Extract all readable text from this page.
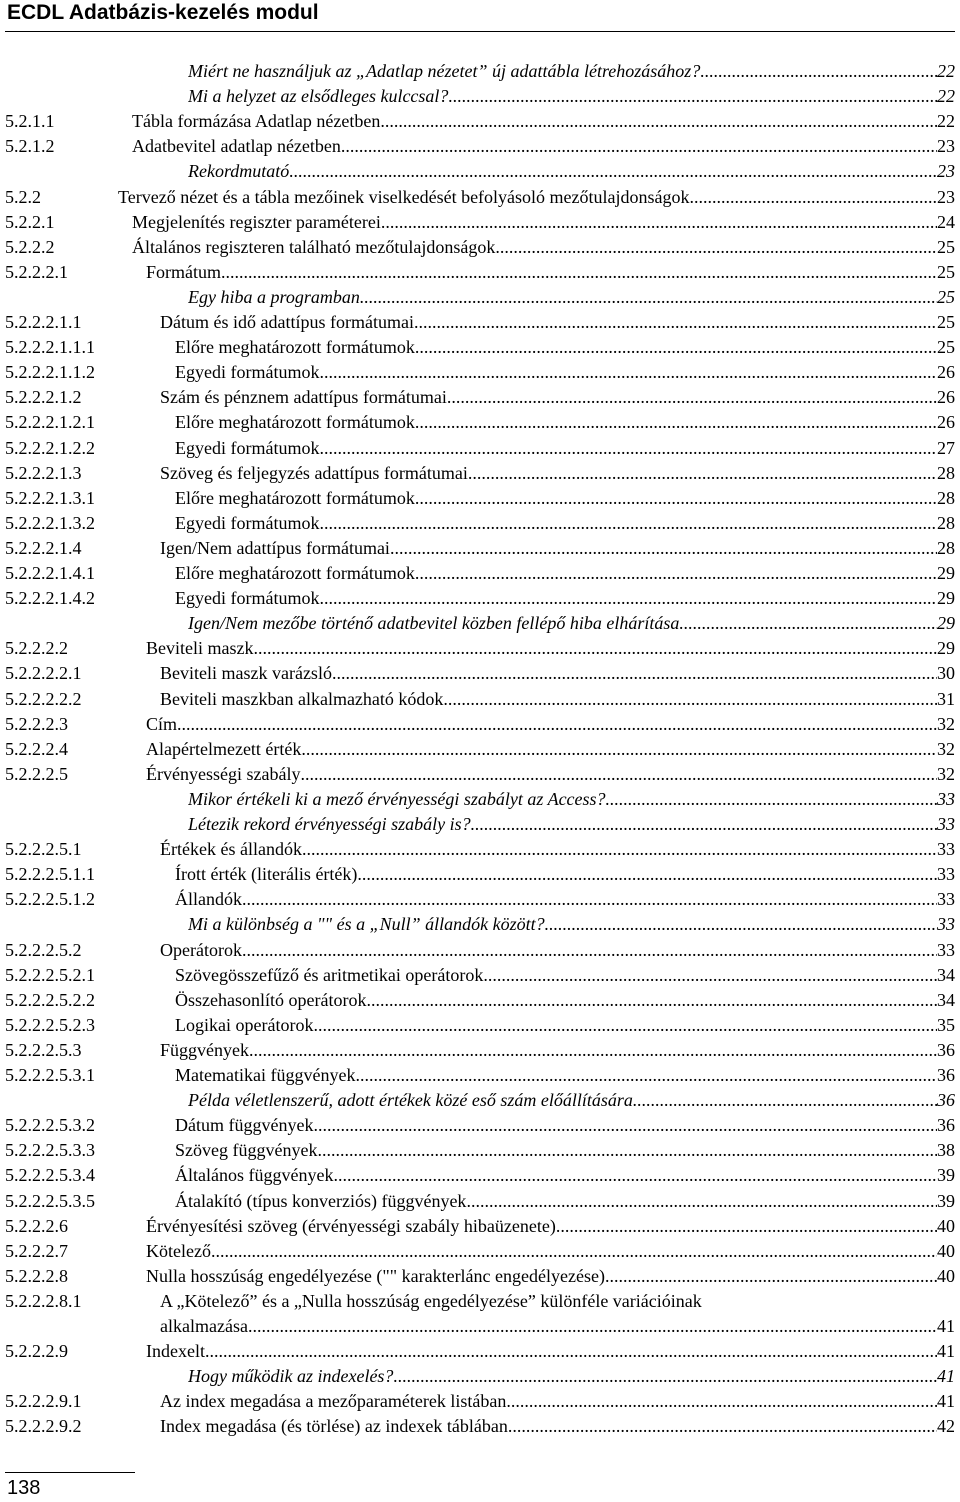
ECDL Adatbázis-kezelés modul
Miért ne használjuk az „Adatlap nézetet” új adattábla létrehozásához? .....	22
Mi a helyzet az elsődleges kulccsal? .....	22
5.2.1.1	Tábla formázása Adatlap nézetben .....	22
5.2.1.2	Adatbevitel adatlap nézetben .....	23
Rekordmutató .....	23
5.2.2	Tervező nézet és a tábla mezőinek viselkedését befolyásoló mezőtulajdonságok .....	23
5.2.2.1	Megjelenítés regiszter paraméterei .....	24
5.2.2.2	Általános regiszteren található mezőtulajdonságok .....	25
5.2.2.2.1	Formátum .....	25
Egy hiba a programban .....	25
5.2.2.2.1.1	Dátum és idő adattípus formátumai .....	25
5.2.2.2.1.1.1	Előre meghatározott formátumok .....	25
5.2.2.2.1.1.2	Egyedi formátumok .....	26
5.2.2.2.1.2	Szám és pénznem adattípus formátumai .....	26
5.2.2.2.1.2.1	Előre meghatározott formátumok .....	26
5.2.2.2.1.2.2	Egyedi formátumok .....	27
5.2.2.2.1.3	Szöveg és feljegyzés adattípus formátumai .....	28
5.2.2.2.1.3.1	Előre meghatározott formátumok .....	28
5.2.2.2.1.3.2	Egyedi formátumok .....	28
5.2.2.2.1.4	Igen/Nem adattípus formátumai .....	28
5.2.2.2.1.4.1	Előre meghatározott formátumok .....	29
5.2.2.2.1.4.2	Egyedi formátumok .....	29
Igen/Nem mezőbe történő adatbevitel közben fellépő hiba elhárítása .....	29
5.2.2.2.2	Beviteli maszk .....	29
5.2.2.2.2.1	Beviteli maszk varázsló .....	30
5.2.2.2.2.2	Beviteli maszkban alkalmazható kódok .....	31
5.2.2.2.3	Cím .....	32
5.2.2.2.4	Alapértelmezett érték .....	32
5.2.2.2.5	Érvényességi szabály .....	32
Mikor értékeli ki a mező érvényességi szabályt az Access? .....	33
Létezik rekord érvényességi szabály is? .....	33
5.2.2.2.5.1	Értékek és állandók .....	33
5.2.2.2.5.1.1	Írott érték (literális érték) .....	33
5.2.2.2.5.1.2	Állandók .....	33
Mi a különbség a "" és a „Null” állandók között? .....	33
5.2.2.2.5.2	Operátorok .....	33
5.2.2.2.5.2.1	Szövegösszefűző és aritmetikai operátorok .....	34
5.2.2.2.5.2.2	Összehasonlító operátorok .....	34
5.2.2.2.5.2.3	Logikai operátorok .....	35
5.2.2.2.5.3	Függvények .....	36
5.2.2.2.5.3.1	Matematikai függvények .....	36
Példa véletlenszerű, adott értékek közé eső szám előállítására .....	36
5.2.2.2.5.3.2	Dátum függvények .....	36
5.2.2.2.5.3.3	Szöveg függvények .....	38
5.2.2.2.5.3.4	Általános függvények .....	39
5.2.2.2.5.3.5	Átalakító (típus konverziós) függvények .....	39
5.2.2.2.6	Érvényesítési szöveg (érvényességi szabály hibaüzenete) .....	40
5.2.2.2.7	Kötelező .....	40
5.2.2.2.8	Nulla hosszúság engedélyezése ("" karakterlánc engedélyezése) .....	40
5.2.2.2.8.1	A „Kötelező” és a „Nulla hosszúság engedélyezése” különféle variációinak
alkalmazása .....	41
5.2.2.2.9	Indexelt .....	41
Hogy működik az indexelés? .....	41
5.2.2.2.9.1	Az index megadása a mezőparaméterek listában .....	41
5.2.2.2.9.2	Index megadása (és törlése) az indexek táblában .....	42
138
